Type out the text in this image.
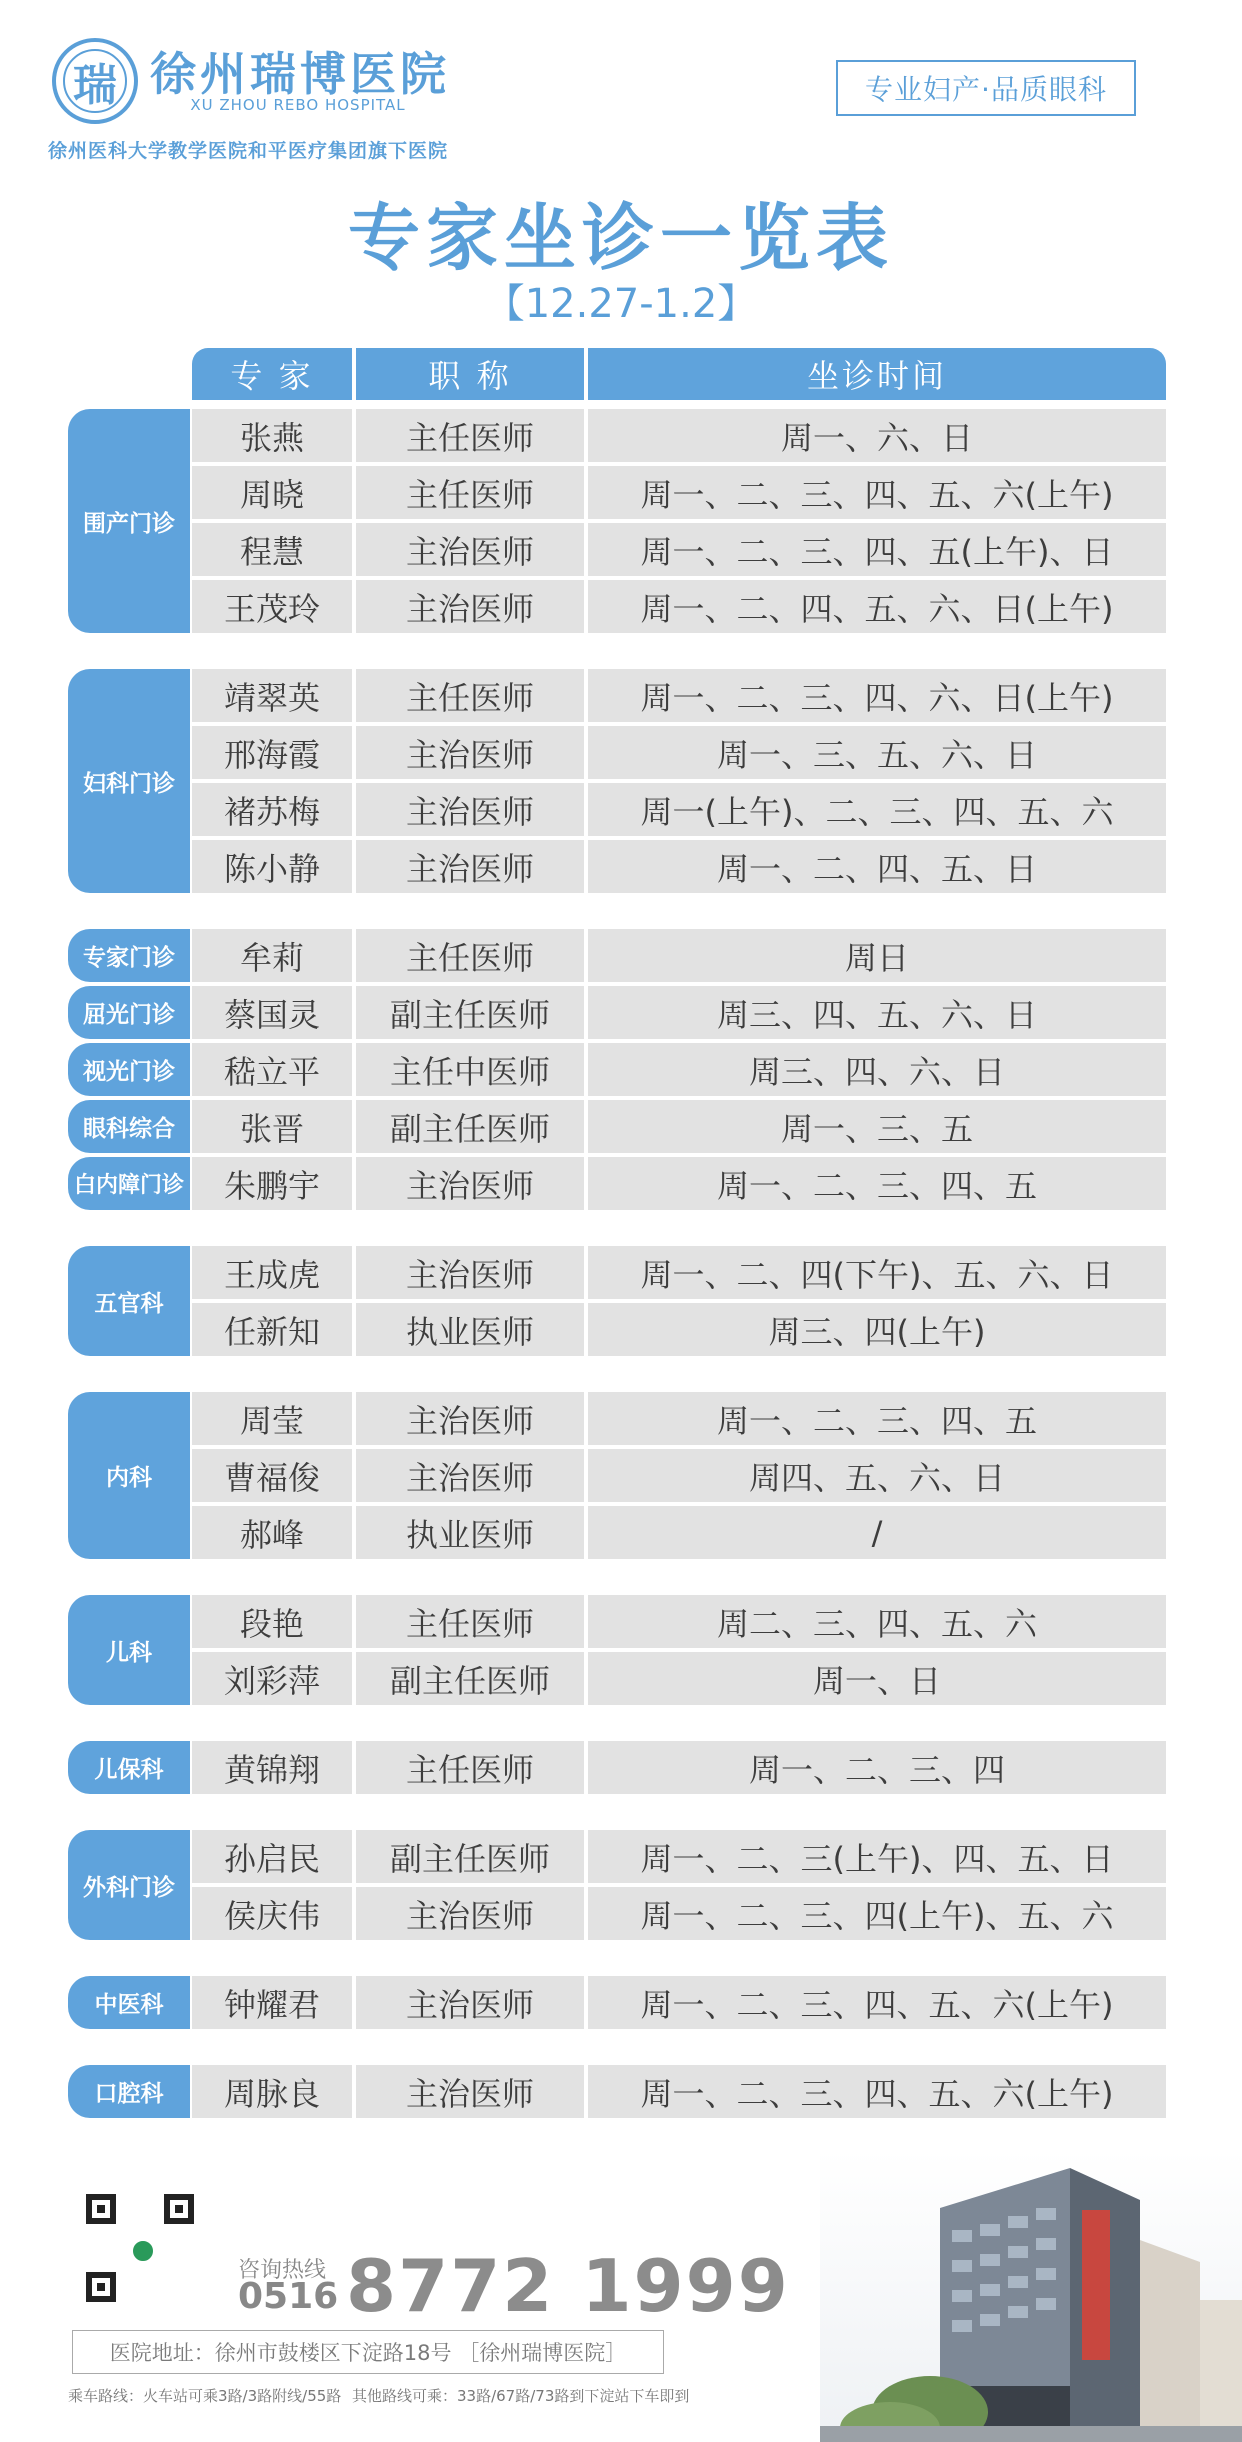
瑞 徐州瑞博医院
XU ZHOU REBO HOSPITAL
徐州医科大学教学医院和平医疗集团旗下医院
专业妇产·品质眼科
专家坐诊一览表
【12.27-1.2】
专 家	职 称	坐诊时间
围产门诊
张燕	主任医师	周一、六、日
周晓	主任医师	周一、二、三、四、五、六(上午)
程慧	主治医师	周一、二、三、四、五(上午)、日
王茂玲	主治医师	周一、二、四、五、六、日(上午)
妇科门诊
靖翠英	主任医师	周一、二、三、四、六、日(上午)
邢海霞	主治医师	周一、三、五、六、日
褚苏梅	主治医师	周一(上午)、二、三、四、五、六
陈小静	主治医师	周一、二、四、五、日
专家门诊	牟莉	主任医师	周日
屈光门诊	蔡国灵	副主任医师	周三、四、五、六、日
视光门诊	嵇立平	主任中医师	周三、四、六、日
眼科综合	张晋	副主任医师	周一、三、五
白内障门诊	朱鹏宇	主治医师	周一、二、三、四、五
五官科
王成虎	主治医师	周一、二、四(下午)、五、六、日
任新知	执业医师	周三、四(上午)
内科
周莹	主治医师	周一、二、三、四、五
曹福俊	主治医师	周四、五、六、日
郝峰	执业医师	/
儿科
段艳	主任医师	周二、三、四、五、六
刘彩萍	副主任医师	周一、日
儿保科	黄锦翔	主任医师	周一、二、三、四
外科门诊
孙启民	副主任医师	周一、二、三(上午)、四、五、日
侯庆伟	主治医师	周一、二、三、四(上午)、五、六
中医科	钟耀君	主治医师	周一、二、三、四、五、六(上午)
口腔科	周脉良	主治医师	周一、二、三、四、五、六(上午)
咨询热线
0516 8772 1999
医院地址：徐州市鼓楼区下淀路18号 ［徐州瑞博医院］
乘车路线：火车站可乘3路/3路附线/55路 其他路线可乘：33路/67路/73路到下淀站下车即到
